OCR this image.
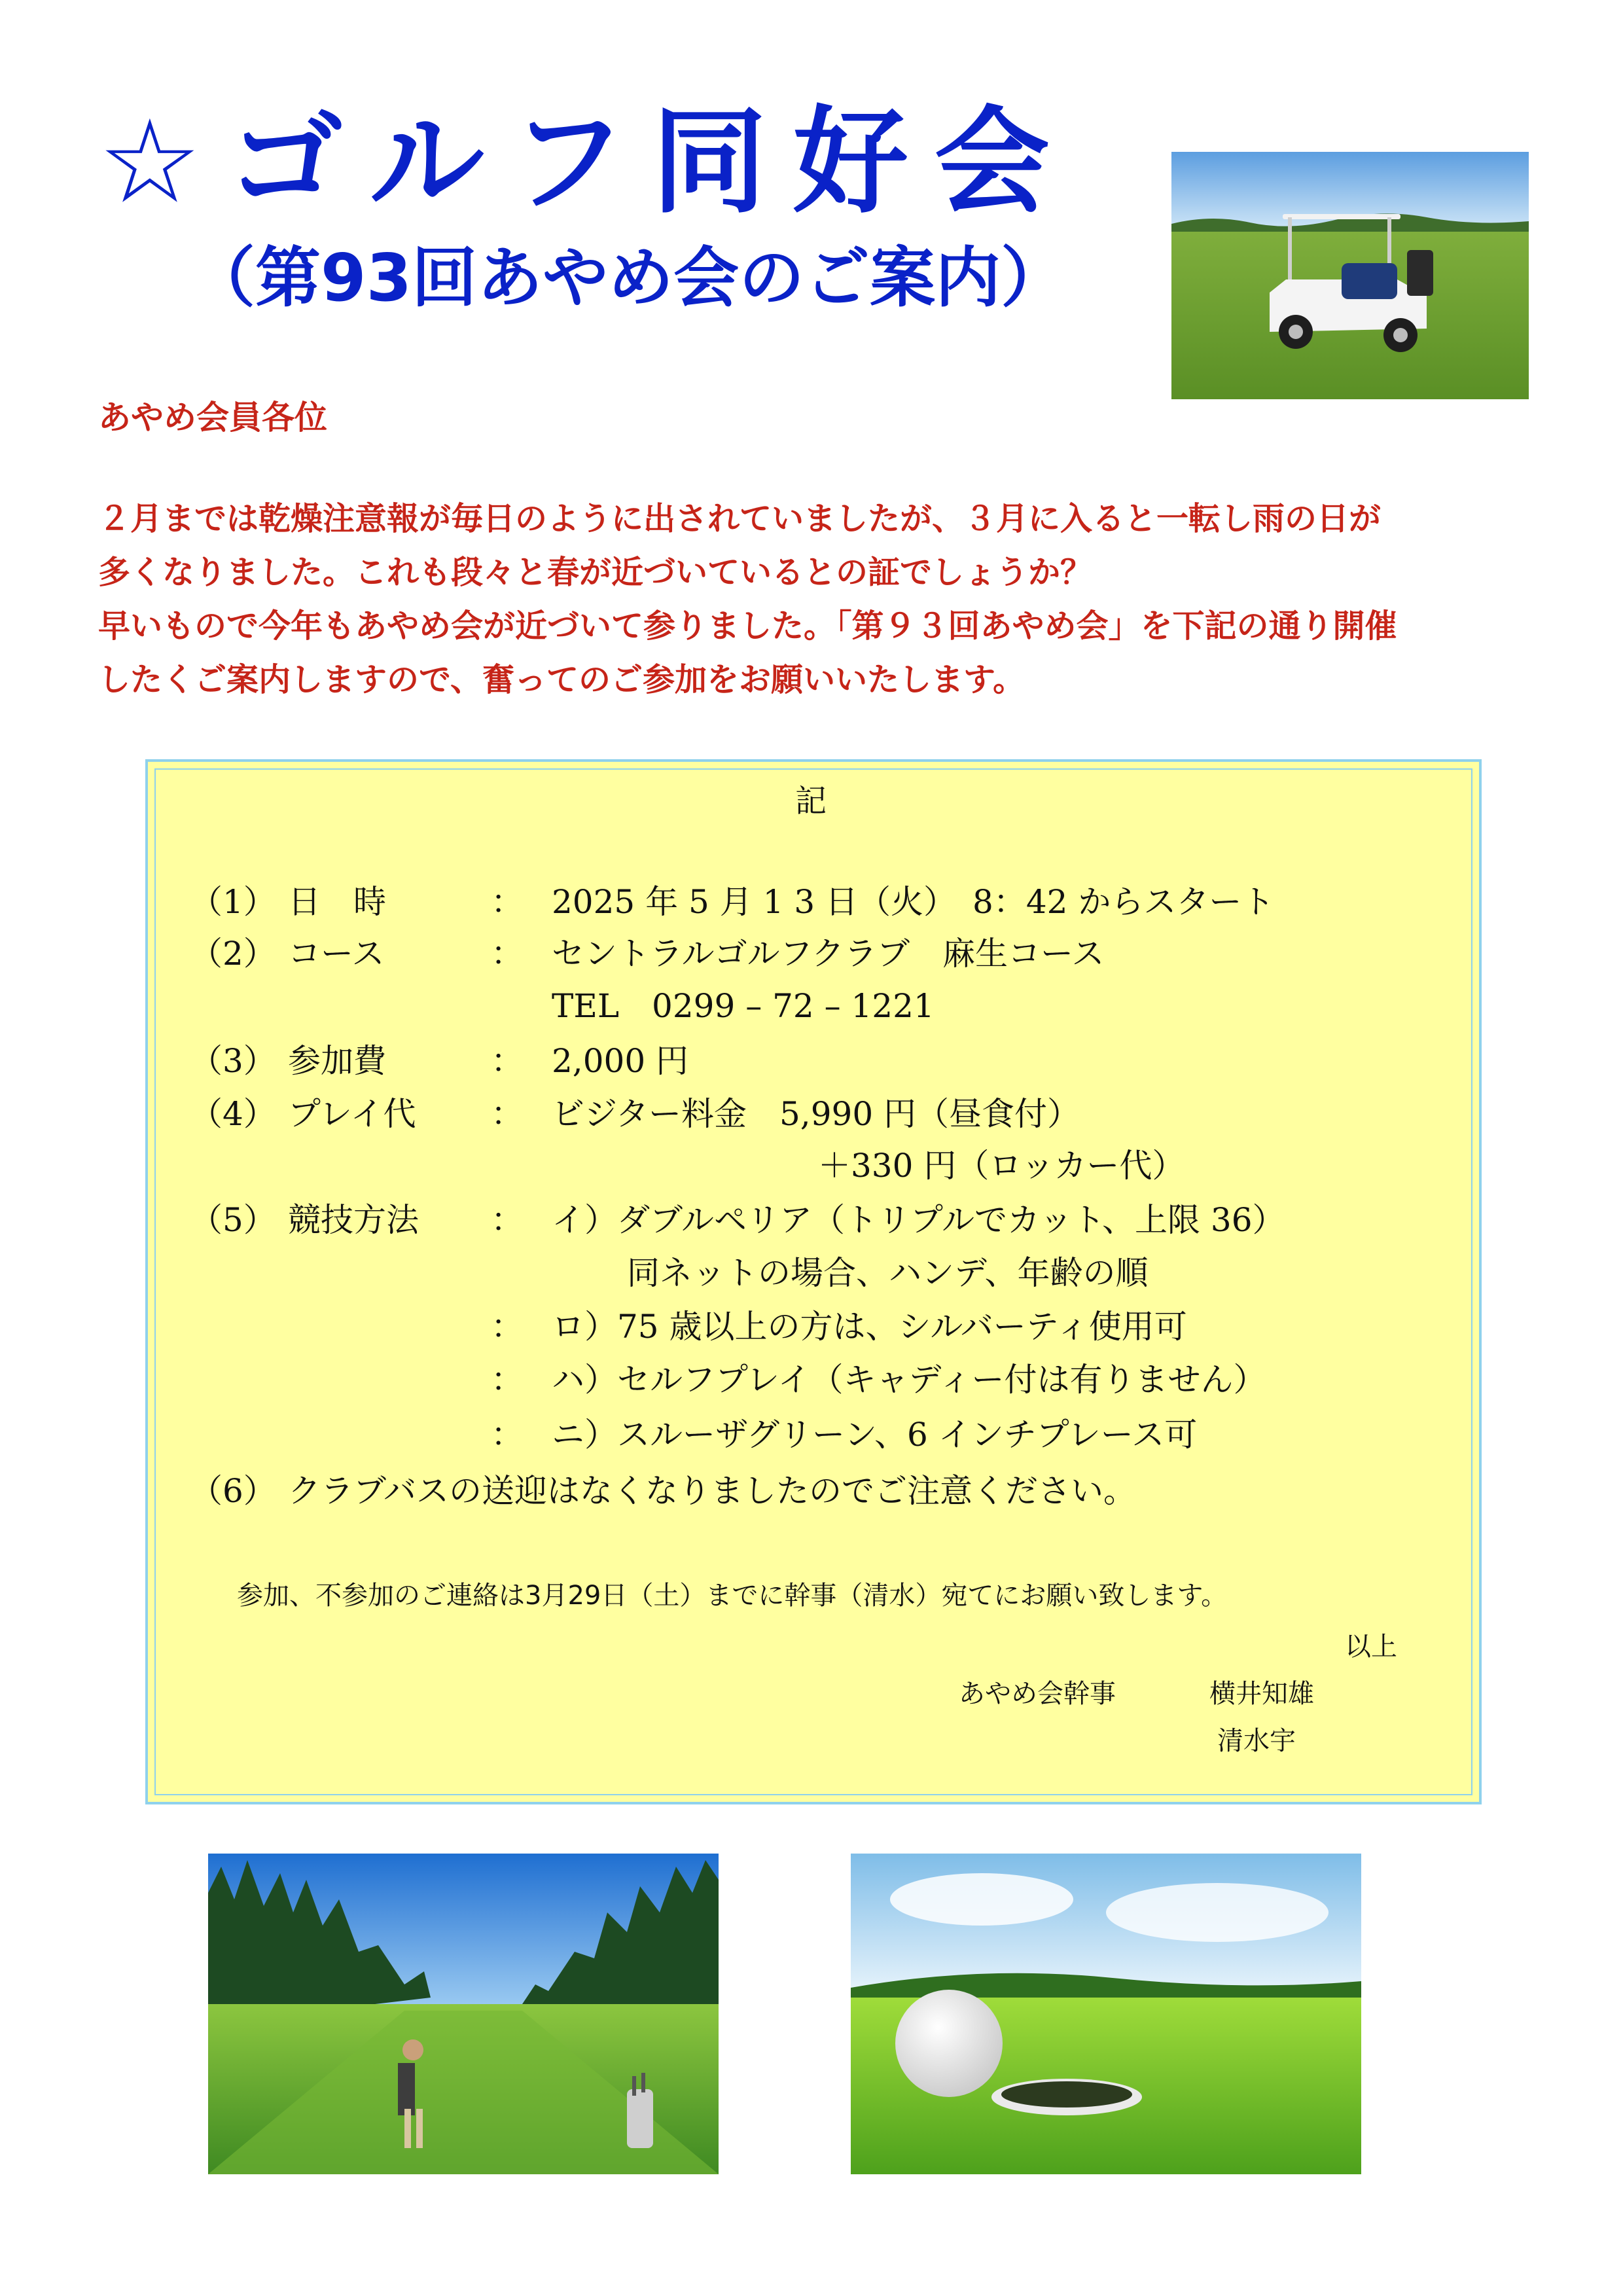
☆ゴルフ同好会
（第93回あやめ会のご案内）
あやめ会員各位
２月までは乾燥注意報が毎日のように出されていましたが、３月に入ると一転し雨の日が
多くなりました。これも段々と春が近づいているとの証でしょうか？
早いもので今年もあやめ会が近づいて参りました。「第９３回あやめ会」を下記の通り開催
したくご案内しますので、奮ってのご参加をお願いいたします。
記
（1） 日　時	： 2025 年 5 月 1 3 日（火）　8：42 からスタート
（2） コース	： セントラルゴルフクラブ　麻生コース
TEL　0299 – 72 – 1221
（3） 参加費	： 2,000 円
（4） プレイ代 ： ビジター料金　5,990 円（昼食付）
＋330 円（ロッカー代）
（5） 競技方法 ： イ）ダブルペリア（トリプルでカット、上限 36）
同ネットの場合、ハンデ、年齢の順
： ロ）75 歳以上の方は、シルバーティ使用可
： ハ）セルフプレイ（キャディー付は有りません）
： ニ）スルーザグリーン、6 インチプレース可
（6） クラブバスの送迎はなくなりましたのでご注意ください。
参加、不参加のご連絡は3月29日（土）までに幹事（清水）宛てにお願い致します。
以上
あやめ会幹事	横井知雄
清水宇
